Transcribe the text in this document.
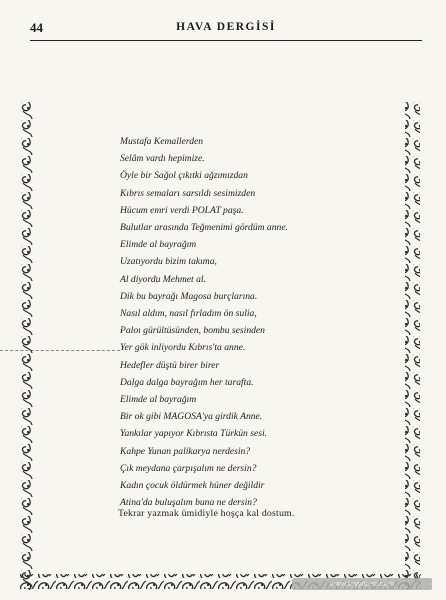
44	HAVA DERGİSİ
Mustafa Kemallerden
Selâm vardı hepimize.
Öyle bir Sağol çıkıtki ağzımızdan
Kıbrıs semaları sarsıldı sesimizden
Hücum emri verdi POLAT paşa.
Bulutlar arasında Teğmenimi gördüm anne.
Elimde al bayrağım
Uzatıyordu bizim takıma,
Al diyordu Mehmet al.
Dik bu bayrağı Magosa burçlarına.
Nasıl aldım, nasıl fırladım ön sulia,
Paloı gürültüsünden, bombu sesinden
Yer gök inliyordu Kıbrıs'ta anne.
Hedefler düştü birer birer
Dalga dalga bayrağım her tarafta.
Elimde al bayrağım
Bir ok gibi MAGOSA'ya girdik Anne.
Yankılar yapıyor Kıbrısta Türkün sesi.
Kahpe Yunan palikarya nerdesin?
Çık meydana çarpışalım ne dersin?
Kadın çocuk öldürmek hüner değildir
Atina'da buluşalım buna ne dersin?
Tekrar yazmak ümidiyle hoşça kal dostum.
www.tayyareci.com
